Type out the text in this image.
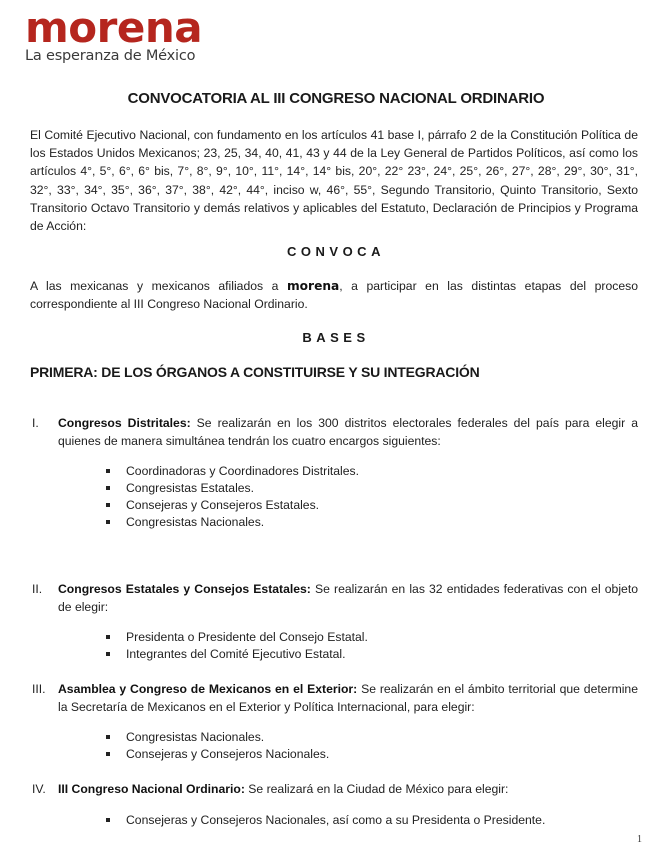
morena
La esperanza de México
CONVOCATORIA AL III CONGRESO NACIONAL ORDINARIO
El Comité Ejecutivo Nacional, con fundamento en los artículos 41 base I, párrafo 2 de la Constitución Política de los Estados Unidos Mexicanos; 23, 25, 34, 40, 41, 43 y 44 de la Ley General de Partidos Políticos, así como los artículos 4°, 5°, 6°, 6° bis, 7°, 8°, 9°, 10°, 11°, 14°, 14° bis, 20°, 22° 23°, 24°, 25°, 26°, 27°, 28°, 29°, 30°, 31°, 32°, 33°, 34°, 35°, 36°, 37°, 38°, 42°, 44°, inciso w, 46°, 55°, Segundo Transitorio, Quinto Transitorio, Sexto Transitorio Octavo Transitorio y demás relativos y aplicables del Estatuto, Declaración de Principios y Programa de Acción:
CONVOCA
A las mexicanas y mexicanos afiliados a morena, a participar en las distintas etapas del proceso correspondiente al III Congreso Nacional Ordinario.
BASES
PRIMERA: DE LOS ÓRGANOS A CONSTITUIRSE Y SU INTEGRACIÓN
I.	Congresos Distritales: Se realizarán en los 300 distritos electorales federales del país para elegir a quienes de manera simultánea tendrán los cuatro encargos siguientes:
Coordinadoras y Coordinadores Distritales.
Congresistas Estatales.
Consejeras y Consejeros Estatales.
Congresistas Nacionales.
II.	Congresos Estatales y Consejos Estatales: Se realizarán en las 32 entidades federativas con el objeto de elegir:
Presidenta o Presidente del Consejo Estatal.
Integrantes del Comité Ejecutivo Estatal.
III.	Asamblea y Congreso de Mexicanos en el Exterior: Se realizarán en el ámbito territorial que determine la Secretaría de Mexicanos en el Exterior y Política Internacional, para elegir:
Congresistas Nacionales.
Consejeras y Consejeros Nacionales.
IV.	III Congreso Nacional Ordinario: Se realizará en la Ciudad de México para elegir:
Consejeras y Consejeros Nacionales, así como a su Presidenta o Presidente.
1
